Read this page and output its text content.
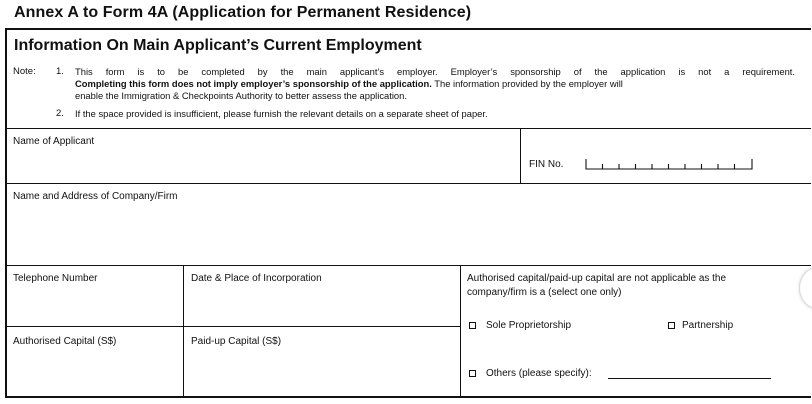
Annex A to Form 4A (Application for Permanent Residence)
Information On Main Applicant’s Current Employment
Note: 1. This form is to be completed by the main applicant’s employer. Employer’s sponsorship of the application is not a requirement.
Completing this form does not imply employer’s sponsorship of the application. The information provided by the employer will
enable the Immigration & Checkpoints Authority to better assess the application.
2. If the space provided is insufficient, please furnish the relevant details on a separate sheet of paper.
Name of Applicant
FIN No.
Name and Address of Company/Firm
Telephone Number	Date & Place of Incorporation
Authorised Capital (S$)	Paid-up Capital (S$)
Authorised capital/paid-up capital are not applicable as the
company/firm is a (select one only)
Sole Proprietorship	Partnership
Others (please specify):
